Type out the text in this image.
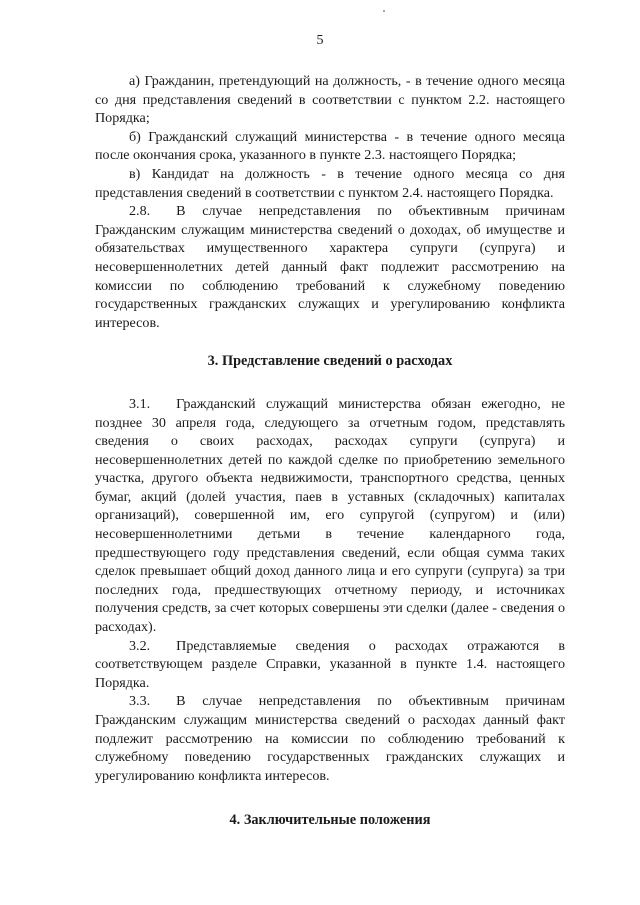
5

а) Гражданин, претендующий на должность, - в течение одного месяца со дня представления сведений в соответствии с пунктом 2.2. настоящего Порядка;

б) Гражданский служащий министерства - в течение одного месяца после окончания срока, указанного в пункте 2.3. настоящего Порядка;

в) Кандидат на должность - в течение одного месяца со дня представления сведений в соответствии с пунктом 2.4. настоящего Порядка.

2.8. В случае непредставления по объективным причинам Гражданским служащим министерства сведений о доходах, об имуществе и обязательствах имущественного характера супруги (супруга) и несовершеннолетних детей данный факт подлежит рассмотрению на комиссии по соблюдению требований к служебному поведению государственных гражданских служащих и урегулированию конфликта интересов.

3. Представление сведений о расходах

3.1. Гражданский служащий министерства обязан ежегодно, не позднее 30 апреля года, следующего за отчетным годом, представлять сведения о своих расходах, расходах супруги (супруга) и несовершеннолетних детей по каждой сделке по приобретению земельного участка, другого объекта недвижимости, транспортного средства, ценных бумаг, акций (долей участия, паев в уставных (складочных) капиталах организаций), совершенной им, его супругой (супругом) и (или) несовершеннолетними детьми в течение календарного года, предшествующего году представления сведений, если общая сумма таких сделок превышает общий доход данного лица и его супруги (супруга) за три последних года, предшествующих отчетному периоду, и источниках получения средств, за счет которых совершены эти сделки (далее - сведения о расходах).

3.2. Представляемые сведения о расходах отражаются в соответствующем разделе Справки, указанной в пункте 1.4. настоящего Порядка.

3.3. В случае непредставления по объективным причинам Гражданским служащим министерства сведений о расходах данный факт подлежит рассмотрению на комиссии по соблюдению требований к служебному поведению государственных гражданских служащих и урегулированию конфликта интересов.

4. Заключительные положения
